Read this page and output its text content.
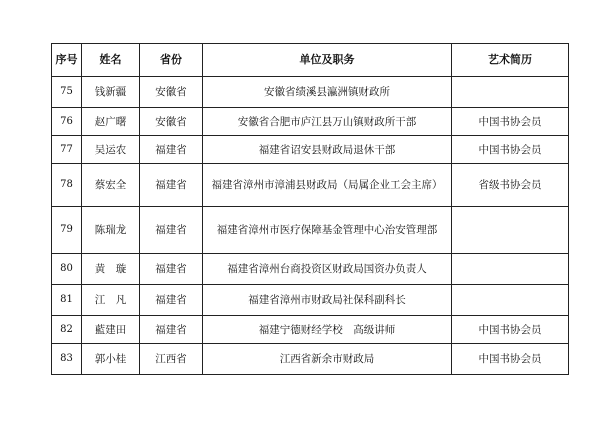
序号	姓名	省份	单位及职务	艺术简历
75	钱新疆	安徽省	安徽省绩溪县瀛洲镇财政所	
76	赵广曙	安徽省	安徽省合肥市庐江县万山镇财政所干部	中国书协会员
77	吴运农	福建省	福建省诏安县财政局退休干部	中国书协会员
78	蔡宏全	福建省	福建省漳州市漳浦县财政局（局属企业工会主席）	省级书协会员
79	陈瑞龙	福建省	福建省漳州市医疗保障基金管理中心治安管理部	
80	黄　璇	福建省	福建省漳州台商投资区财政局国资办负责人	
81	江　凡	福建省	福建省漳州市财政局社保科副科长	
82	藍建田	福建省	福建宁德财经学校　高级讲师	中国书协会员
83	郭小桂	江西省	江西省新余市财政局	中国书协会员
